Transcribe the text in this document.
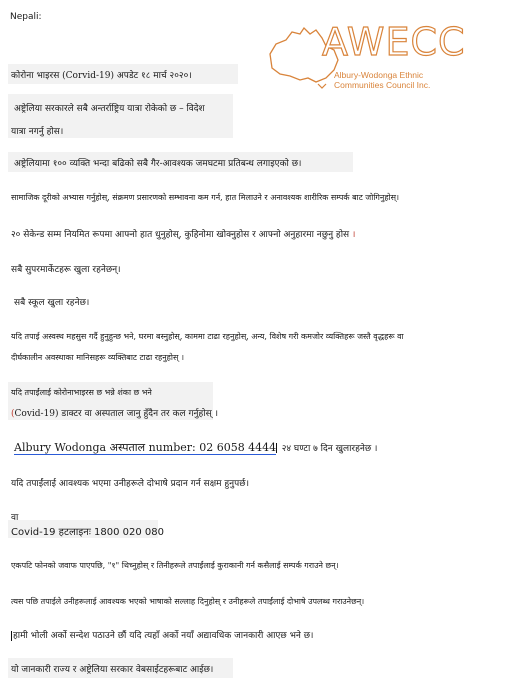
Nepali:
AWECC
Albury-Wodonga Ethnic
Communities Council Inc.
कोरोना भाइरस (Corvid-19) अपडेट १८ मार्च २०२०।
अष्ट्रेलिया सरकारले सबै अन्तर्राष्ट्रिय यात्रा रोकेको छ – विदेश
यात्रा नगर्नु होस।
अष्ट्रेलियामा १०० व्यक्ति भन्दा बढिको सबै गैर-आवश्यक जमघटमा प्रतिबन्ध लगाइएको छ।
सामाजिक दूरीको अभ्यास गर्नुहोस्, संक्रमण प्रसारणको सम्भावना कम गर्न, हात मिलाउने र अनावश्यक शारीरिक सम्पर्क बाट जोगिनुहोस्।
२० सेकेन्ड सम्म नियमित रूपमा आफ्नो हात धुनुहोस्, कुहिनोमा खोक्नुहोस र आफ्नो अनुहारमा नछुनु होस ।
सबै सुपरमार्केटहरू खुला रहनेछन्।
सबै स्कूल खुला रहनेछ।
यदि तपाई अस्वस्थ महसुस गर्दै हुनुहुन्छ भने, घरमा बस्नुहोस्, काममा टाढा रहनुहोस्, अन्य, विशेष गरी कमजोर व्यक्तिहरू जस्तै वृद्धहरू वा
दीर्घकालीन अवस्थाका मानिसहरू व्यक्तिबाट टाढा रहनुहोस् ।
यदि तपाईंलाई कोरोनाभाइरस छ भन्ने शंका छ भने
(Covid-19) डाक्टर वा अस्पताल जानु हुँदैन तर कल गर्नुहोस् ।
Albury Wodonga अस्पताल number: 02 6058 4444 २४ घण्टा ७ दिन खुलारहनेछ ।
यदि तपाईंलाई आवश्यक भएमा उनीहरूले दोभाषे प्रदान गर्न सक्षम हुनुपर्छ।
वा
Covid-19 हटलाइनः 1800 020 080
एकपटि फोनको जवाफ पाएपछि, "१" थिच्नुहोस् र तिनीहरूले तपाईंलाई कुराकानी गर्न कसैलाई सम्पर्क गराउने छन्।
त्यस पछि तपाईले उनीहरूलाई आवश्यक भएको भाषाको सल्लाह दिनुहोस् र उनीहरूले तपाईंलाई दोभाषे उपलब्ध गराउनेछन्।
हामी भोली अर्को सन्देश पठाउने छौं यदि त्यहाँ अर्को नयाँ अद्यावधिक जानकारी आएछ भने छ।
यो जानकारी राज्य र अष्ट्रेलिया सरकार वेबसाईटहरूबाट आईछ।
